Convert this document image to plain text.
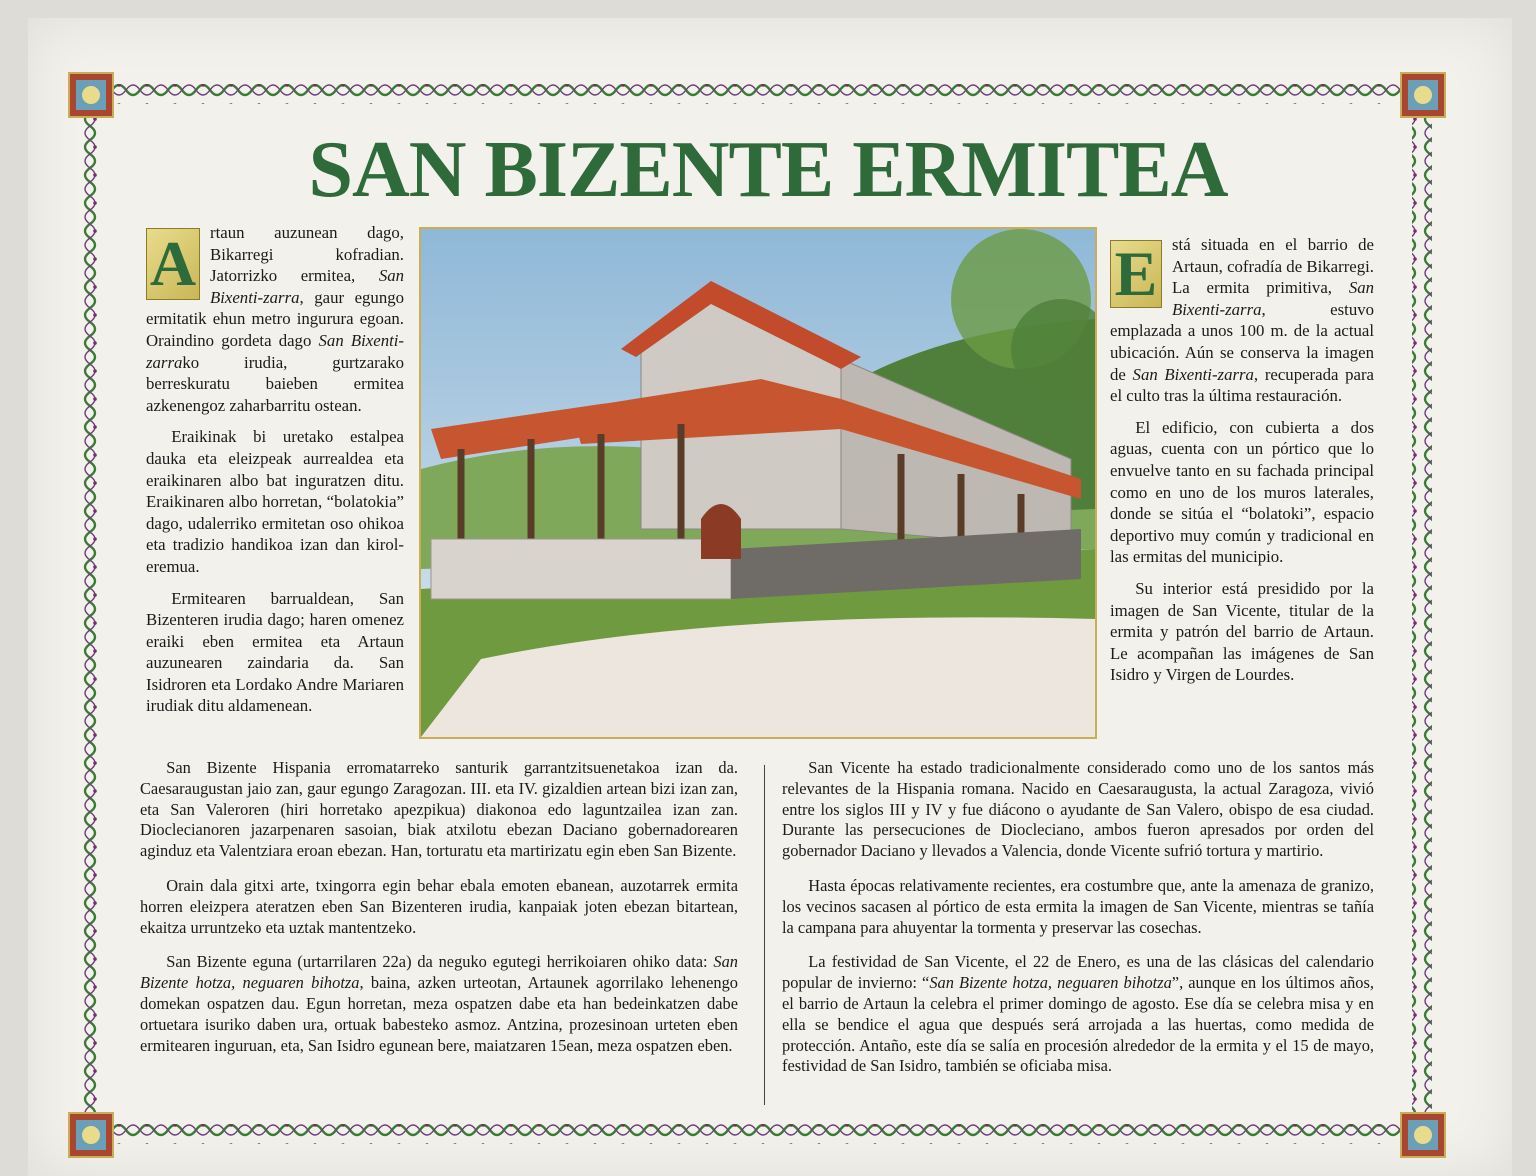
SAN BIZENTE ERMITEA

A rtaun auzunean dago, Bikarregi kofradian. Jatorrizko ermitea, San Bixenti-zarra, gaur egungo ermitatik ehun metro ingurura egoan. Oraindino gordeta dago San Bixenti-zarrako irudia, gurtzarako berreskuratu baieben ermitea azkenengoz zaharbarritu ostean.

Eraikinak bi uretako estalpea dauka eta eleizpeak aurrealdea eta eraikinaren albo bat inguratzen ditu. Eraikinaren albo horretan, “bolatokia” dago, udalerriko ermitetan oso ohikoa eta tradizio handikoa izan dan kirol-eremua.

Ermitearen barrualdean, San Bizenteren irudia dago; haren omenez eraiki eben ermitea eta Artaun auzunearen zaindaria da. San Isidroren eta Lordako Andre Mariaren irudiak ditu aldamenean.

E stá situada en el barrio de Artaun, cofradía de Bikarregi. La ermita primitiva, San Bixenti-zarra, estuvo emplazada a unos 100 m. de la actual ubicación. Aún se conserva la imagen de San Bixenti-zarra, recuperada para el culto tras la última restauración.

El edificio, con cubierta a dos aguas, cuenta con un pórtico que lo envuelve tanto en su fachada principal como en uno de los muros laterales, donde se sitúa el “bolatoki”, espacio deportivo muy común y tradicional en las ermitas del municipio.

Su interior está presidido por la imagen de San Vicente, titular de la ermita y patrón del barrio de Artaun. Le acompañan las imágenes de San Isidro y Virgen de Lourdes.

San Bizente Hispania erromatarreko santurik garrantzitsuenetakoa izan da. Caesaraugustan jaio zan, gaur egungo Zaragozan. III. eta IV. gizaldien artean bizi izan zan, eta San Valeroren (hiri horretako apezpikua) diakonoa edo laguntzailea izan zan. Dioclecianoren jazarpenaren sasoian, biak atxilotu ebezan Daciano gobernadorearen aginduz eta Valentziara eroan ebezan. Han, torturatu eta martirizatu egin eben San Bizente.

Orain dala gitxi arte, txingorra egin behar ebala emoten ebanean, auzotarrek ermita horren eleizpera ateratzen eben San Bizenteren irudia, kanpaiak joten ebezan bitartean, ekaitza urruntzeko eta uztak mantentzeko.

San Bizente eguna (urtarrilaren 22a) da neguko egutegi herrikoiaren ohiko data: San Bizente hotza, neguaren bihotza, baina, azken urteotan, Artaunek agorrilako lehenengo domekan ospatzen dau. Egun horretan, meza ospatzen dabe eta han bedeinkatzen dabe ortuetara isuriko daben ura, ortuak babesteko asmoz. Antzina, prozesinoan urteten eben ermitearen inguruan, eta, San Isidro egunean bere, maiatzaren 15ean, meza ospatzen eben.

San Vicente ha estado tradicionalmente considerado como uno de los santos más relevantes de la Hispania romana. Nacido en Caesaraugusta, la actual Zaragoza, vivió entre los siglos III y IV y fue diácono o ayudante de San Valero, obispo de esa ciudad. Durante las persecuciones de Diocleciano, ambos fueron apresados por orden del gobernador Daciano y llevados a Valencia, donde Vicente sufrió tortura y martirio.

Hasta épocas relativamente recientes, era costumbre que, ante la amenaza de granizo, los vecinos sacasen al pórtico de esta ermita la imagen de San Vicente, mientras se tañía la campana para ahuyentar la tormenta y preservar las cosechas.

La festividad de San Vicente, el 22 de Enero, es una de las clásicas del calendario popular de invierno: “San Bizente hotza, neguaren bihotza”, aunque en los últimos años, el barrio de Artaun la celebra el primer domingo de agosto. Ese día se celebra misa y en ella se bendice el agua que después será arrojada a las huertas, como medida de protección. Antaño, este día se salía en procesión alrededor de la ermita y el 15 de mayo, festividad de San Isidro, también se oficiaba misa.
